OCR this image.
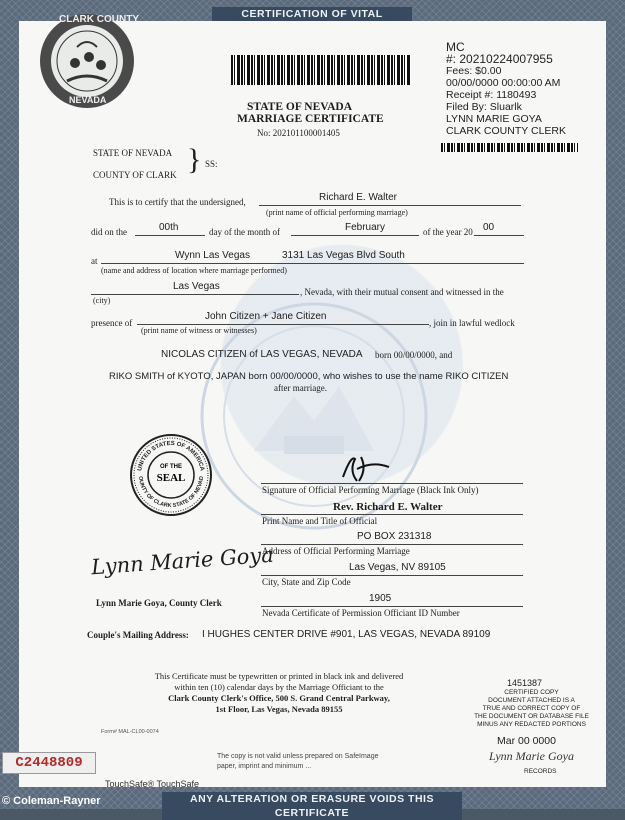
CERTIFICATION OF VITAL
CLARK COUNTY
NEVADA
MC
#: 20210224007955
Fees: $0.00
00/00/0000 00:00:00 AM
Receipt #: 1180493
Filed By: Sluarlk
LYNN MARIE GOYA
CLARK COUNTY CLERK
STATE OF NEVADA
MARRIAGE CERTIFICATE
No: 202101100001405
STATE OF NEVADA
COUNTY OF CLARK } SS:
This is to certify that the undersigned,	Richard E. Walter
(print name of official performing marriage)
did on the	00th	day of the month of	February	of the year 20 00
at	Wynn Las Vegas	3131 Las Vegas Blvd South
(name and address of location where marriage performed)
Las Vegas	, Nevada, with their mutual consent and witnessed in the
(city)
presence of
John Citizen + Jane Citizen
(print name of witness or witnesses)
, join in lawful wedlock
NICOLAS CITIZEN of LAS VEGAS, NEVADA born 00/00/0000, and
RIKO SMITH of KYOTO, JAPAN born 00/00/0000, who wishes to use the name RIKO CITIZEN
after marriage.
UNITED STATES OF AMERICA
OUNTY OF CLARK STATE OF NEVAD
OF THE
SEAL
Signature of Official Performing Marriage (Black Ink Only)
Rev. Richard E. Walter
Print Name and Title of Official
PO BOX 231318
Address of Official Performing Marriage
Las Vegas, NV 89105
City, State and Zip Code
1905
Nevada Certificate of Permission Officiant ID Number
Lynn Marie Goya
Lynn Marie Goya, County Clerk
Couple's Mailing Address: I HUGHES CENTER DRIVE #901, LAS VEGAS, NEVADA 89109
This Certificate must be typewritten or printed in black ink and delivered
within ten (10) calendar days by the Marriage Officiant to the
Clark County Clerk's Office, 500 S. Grand Central Parkway,
1st Floor, Las Vegas, Nevada 89155
1451387
CERTIFIED COPY
DOCUMENT ATTACHED IS A
TRUE AND CORRECT COPY OF
THE DOCUMENT OR DATABASE FILE
MINUS ANY REDACTED PORTIONS
Mar 00 0000
Lynn Marie Goya
RECORDS
Form# MAL-CL00-0074
The copy is not valid unless prepared on SafeImage
paper, imprint and minimum ...
C2448809
TouchSafe® TouchSafe
© Coleman-Rayner	ANY ALTERATION OR ERASURE VOIDS THIS CERTIFICATE
